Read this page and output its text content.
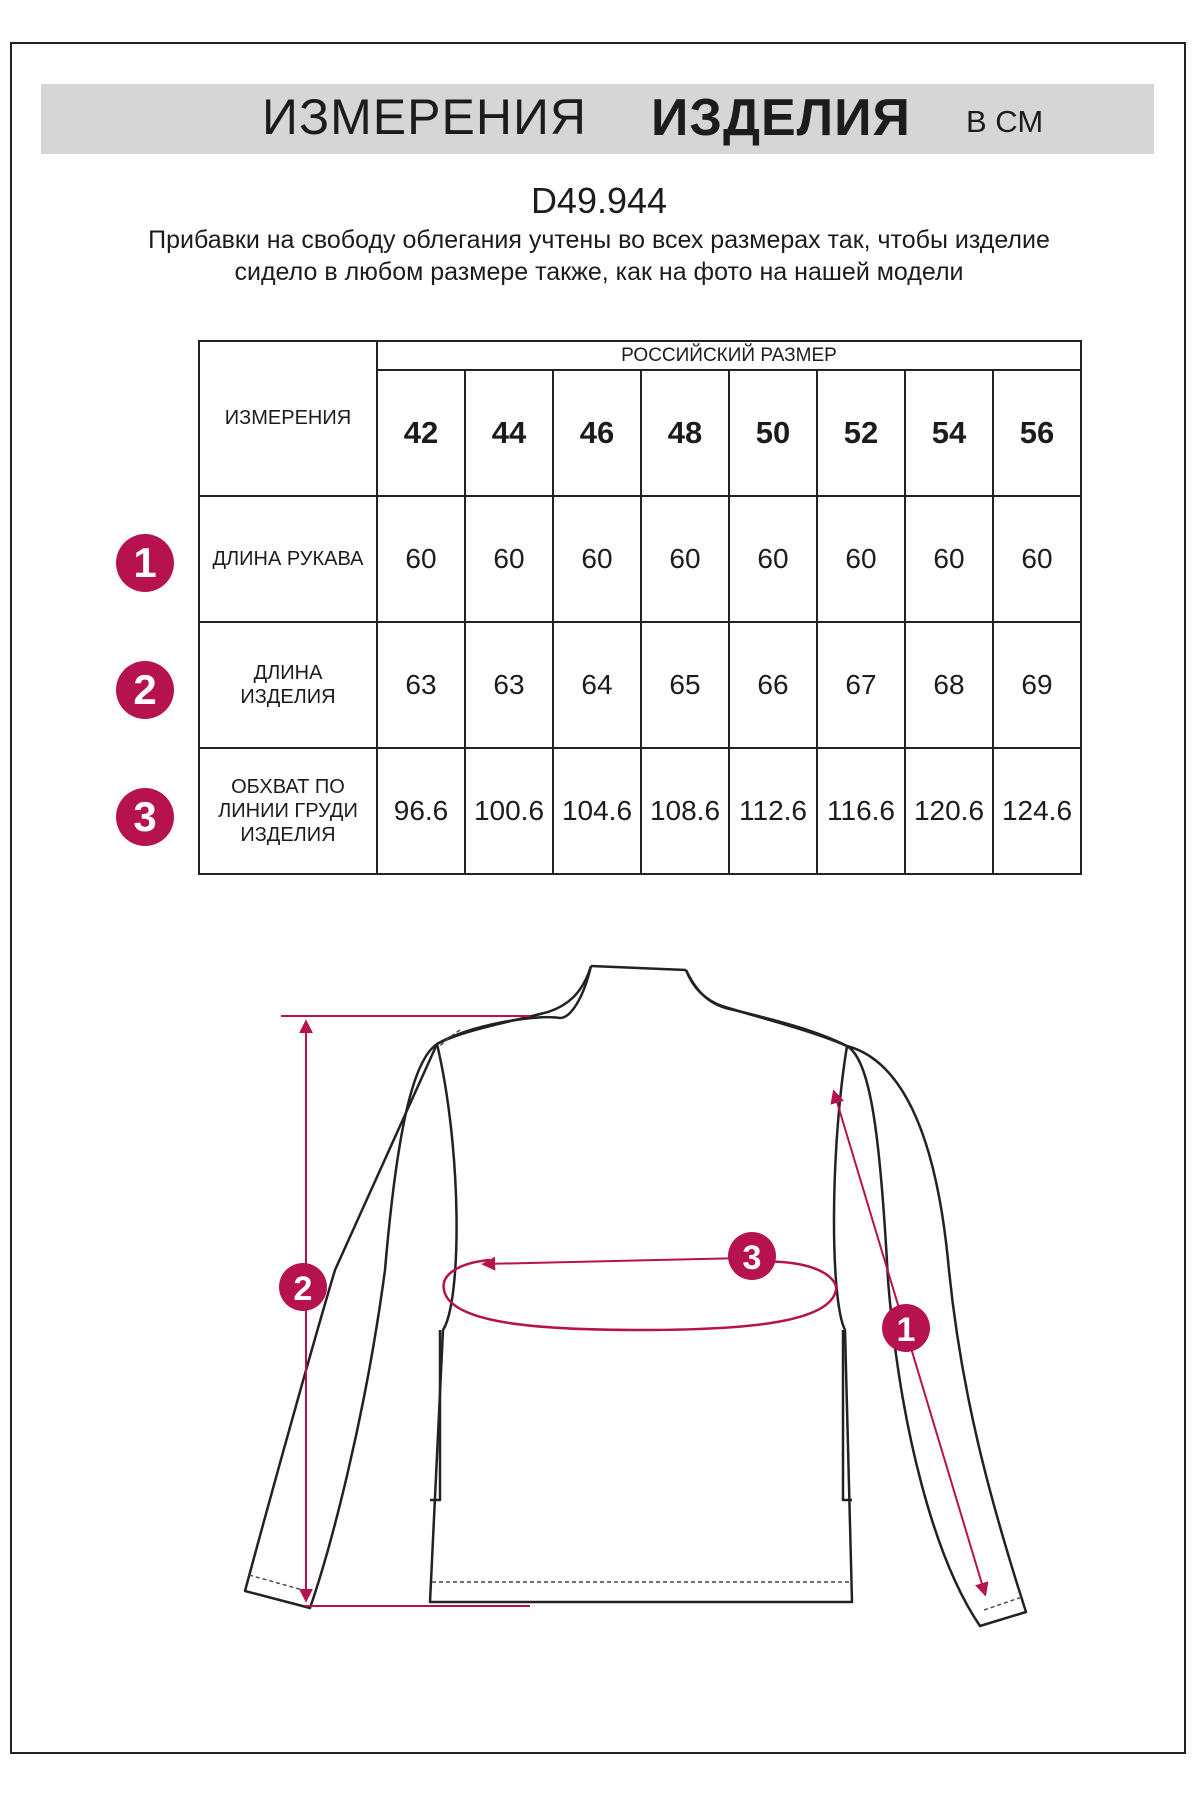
ИЗМЕРЕНИЯ ИЗДЕЛИЯ В СМ
D49.944
Прибавки на свободу облегания учтены во всех размерах так, чтобы изделие сидело в любом размере также, как на фото на нашей модели
ИЗМЕРЕНИЯ	РОССИЙСКИЙ РАЗМЕР							
	42	44	46	48	50	52	54	56
ДЛИНА РУКАВА	60	60	60	60	60	60	60	60
ДЛИНА ИЗДЕЛИЯ	63	63	64	65	66	67	68	69
ОБХВАТ ПО ЛИНИИ ГРУДИ ИЗДЕЛИЯ	96.6	100.6	104.6	108.6	112.6	116.6	120.6	124.6
1
2
3
1
2
3
